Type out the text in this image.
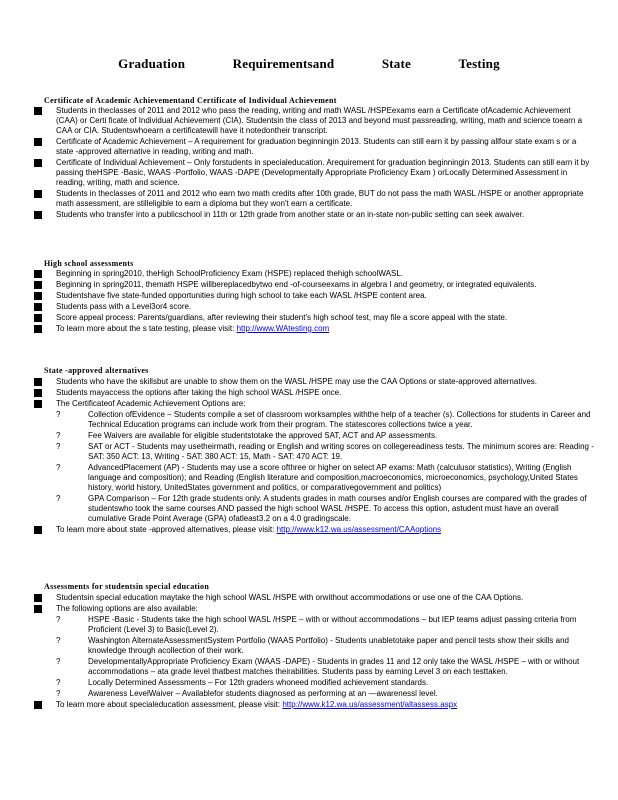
Graduation	Requirementsand	State	Testing
Certificate of Academic Achievementand Certificate of Individual Achievement
Students in theclasses of 2011 and 2012 who pass the reading, writing and math WASL /HSPEexams earn a Certificate ofAcademic Achievement (CAA) or Certi ficate of Individual Achievement (CIA). Studentsin the class of 2013 and beyond must passreading, writing, math and science toearn a CAA or CIA. Studentswhoearn a certificatewill have it notedontheir transcript.
Certificate of Academic Achievement – A requirement for graduation beginningin 2013. Students can still earn it by passing allfour state exam s or a state -approved alternative in reading, writing and math.
Certificate of Individual Achievement – Only forstudents in specialeducation. Arequirement for graduation beginningin 2013. Students can still earn it by passing theHSPE -Basic, WAAS -Portfolio, WAAS -DAPE (Developmentally Appropriate Proficiency Exam ) orLocally Determined Assessment in reading, writing, math and science.
Students in theclasses of 2011 and 2012 who earn two math credits after 10th grade, BUT do not pass the math WASL /HSPE or another appropriate math assessment, are stilleligible to earn a diploma but they won't earn a certificate.
Students who transfer into a publicschool in 11th or 12th grade from another state or an in-state non-public setting can seek awaiver.
High school assessments
Beginning in spring2010, theHigh SchoolProficiency Exam (HSPE) replaced thehigh schoolWASL.
Beginning in spring2011, themath HSPE willbereplacedbytwo end -of-courseexams in algebra I and geometry, or integrated equivalents.
Studentshave five state-funded opportunities during high school to take each WASL /HSPE content area.
Students pass with a Level3or4 score.
Score appeal process: Parents/guardians, after reviewing their student's high school test, may file a score appeal with the state.
To learn more about the s tate testing, please visit: http://www.WAtesting.com
State -approved alternatives
Students who have the skillsbut are unable to show them on the WASL /HSPE may use the CAA Options or state-approved alternatives.
Students mayaccess the options after taking the high school WASL /HSPE once.
The Certificateof Academic Achievement Options are:
?	Collection ofEvidence – Students compile a set of classroom worksamples withthe help of a teacher (s). Collections for students in Career and Technical Education programs can include work from their program. The statescores collections twice a year.
?	Fee Waivers are available for eligible studentstotake the approved SAT, ACT and AP assessments.
?	SAT or ACT - Students may usetheirmath, reading or English and writing scores on collegereadiness tests. The minimum scores are: Reading - SAT: 350 ACT: 13, Writing - SAT: 380 ACT: 15, Math - SAT: 470 ACT: 19.
?	AdvancedPlacement (AP) - Students may use a score ofthree or higher on select AP exams: Math (calculusor statistics), Writing (English language and composition); and Reading (English literature and composition,macroeconomics, microeconomics, psychology,United States history, world history, UnitedStates government and politics, or comparativegovernment and politics)
?	GPA Comparison – For 12th grade students only. A students grades in math courses and/or English courses are compared with the grades of studentswho took the same courses AND passed the high school WASL /HSPE. To access this option, astudent must have an overall cumulative Grade Point Average (GPA) ofatleast3.2 on a 4.0 gradingscale.
To learn more about state -approved alternatives, please visit: http://www.k12.wa.us/assessment/CAAoptions
Assessments for studentsin special education
Studentsin special education maytake the high school WASL /HSPE with orwithout accommodations or use one of the CAA Options.
The following options are also available:
?	HSPE -Basic - Students take the high school WASL /HSPE – with or without accommodations – but IEP teams adjust passing criteria from Proficient (Level 3) to Basic(Level 2).
?	Washington AlternateAssessmentSystem Portfolio (WAAS Portfolio) - Students unabletotake paper and pencil tests show their skills and knowledge through acollection of their work.
?	DevelopmentallyAppropriate Proficiency Exam (WAAS -DAPE) - Students in grades 11 and 12 only take the WASL /HSPE – with or without accommodations – ata grade level thatbest matches theirabilities. Students pass by earning Level 3 on each testtaken.
?	Locally Determined Assessments – For 12th graders whoneed modified achievement standards.
?	Awareness LevelWaiver – Availablefor students diagnosed as performing at an —awarenessl level.
To learn more about specialeducation assessment, please visit: http://www.k12.wa.us/assessment/altassess.aspx
